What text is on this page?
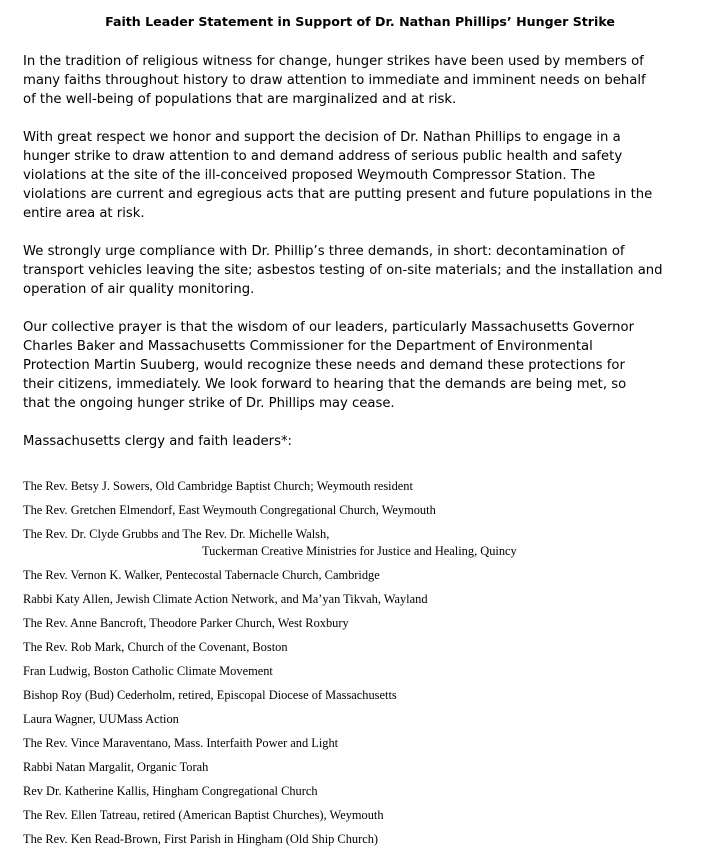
Faith Leader Statement in Support of Dr. Nathan Phillips’ Hunger Strike
In the tradition of religious witness for change, hunger strikes have been used by members of
many faiths throughout history to draw attention to immediate and imminent needs on behalf
of the well-being of populations that are marginalized and at risk.
With great respect we honor and support the decision of Dr. Nathan Phillips to engage in a
hunger strike to draw attention to and demand address of serious public health and safety
violations at the site of the ill-conceived proposed Weymouth Compressor Station. The
violations are current and egregious acts that are putting present and future populations in the
entire area at risk.
We strongly urge compliance with Dr. Phillip’s three demands, in short: decontamination of
transport vehicles leaving the site; asbestos testing of on-site materials; and the installation and
operation of air quality monitoring.
Our collective prayer is that the wisdom of our leaders, particularly Massachusetts Governor
Charles Baker and Massachusetts Commissioner for the Department of Environmental
Protection Martin Suuberg, would recognize these needs and demand these protections for
their citizens, immediately. We look forward to hearing that the demands are being met, so
that the ongoing hunger strike of Dr. Phillips may cease.
Massachusetts clergy and faith leaders*:
The Rev. Betsy J. Sowers, Old Cambridge Baptist Church; Weymouth resident
The Rev. Gretchen Elmendorf, East Weymouth Congregational Church, Weymouth
The Rev. Dr. Clyde Grubbs and The Rev. Dr. Michelle Walsh,
Tuckerman Creative Ministries for Justice and Healing, Quincy
The Rev. Vernon K. Walker, Pentecostal Tabernacle Church, Cambridge
Rabbi Katy Allen, Jewish Climate Action Network, and Ma’yan Tikvah, Wayland
The Rev. Anne Bancroft, Theodore Parker Church, West Roxbury
The Rev. Rob Mark, Church of the Covenant, Boston
Fran Ludwig, Boston Catholic Climate Movement
Bishop Roy (Bud) Cederholm, retired, Episcopal Diocese of Massachusetts
Laura Wagner, UUMass Action
The Rev. Vince Maraventano, Mass. Interfaith Power and Light
Rabbi Natan Margalit, Organic Torah
Rev Dr. Katherine Kallis, Hingham Congregational Church
The Rev. Ellen Tatreau, retired (American Baptist Churches), Weymouth
The Rev. Ken Read-Brown, First Parish in Hingham (Old Ship Church)
